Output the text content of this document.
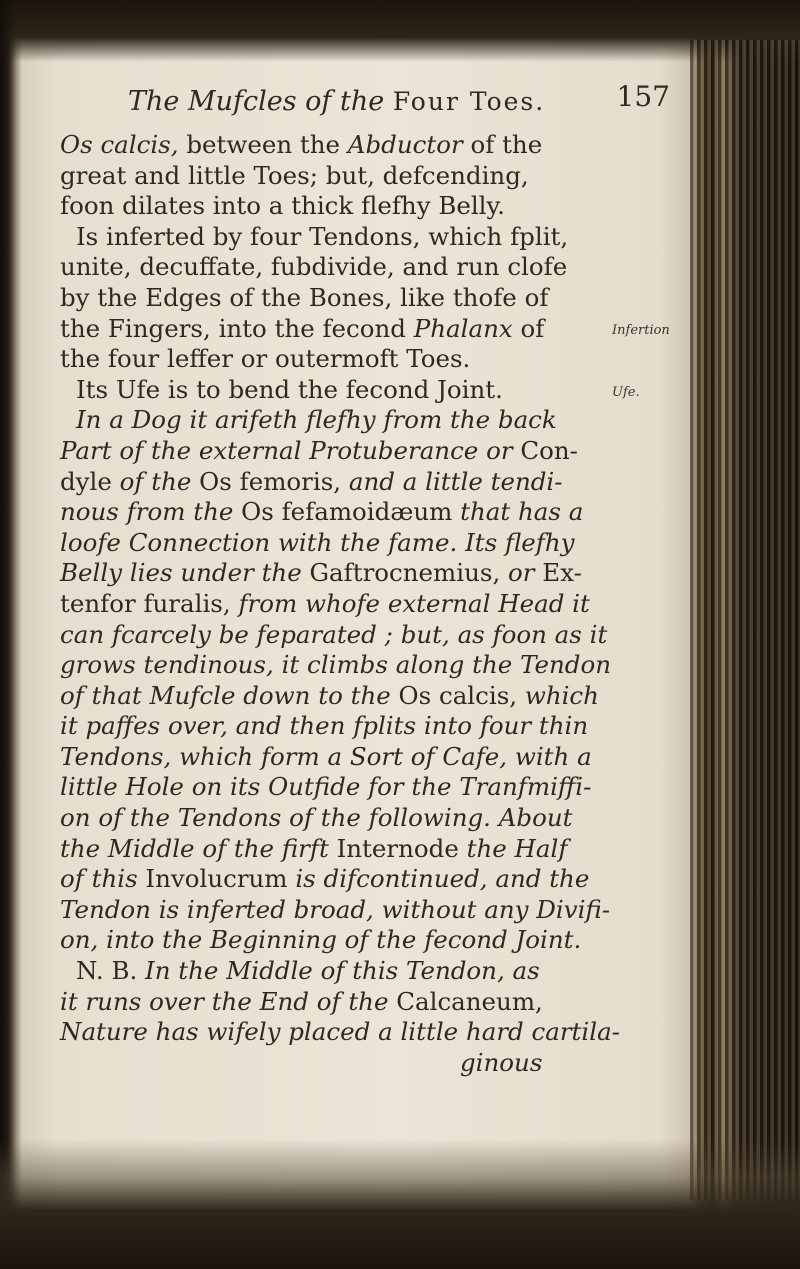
The Mufcles of the Four Toes.	157
Os calcis, between the Abductor of the
great and little Toes; but, defcending,
foon dilates into a thick flefhy Belly.
Is inferted by four Tendons, which fplit,
unite, decuffate, fubdivide, and run clofe
by the Edges of the Bones, like thofe of
the Fingers, into the fecond Phalanx of
the four leffer or outermoft Toes.
Its Ufe is to bend the fecond Joint.
In a Dog it arifeth flefhy from the back
Part of the external Protuberance or Con-
dyle of the Os femoris, and a little tendi-
nous from the Os fefamoidæum that has a
loofe Connection with the fame. Its flefhy
Belly lies under the Gaftrocnemius, or Ex-
tenfor furalis, from whofe external Head it
can fcarcely be feparated ; but, as foon as it
grows tendinous, it climbs along the Tendon
of that Mufcle down to the Os calcis, which
it paffes over, and then fplits into four thin
Tendons, which form a Sort of Cafe, with a
little Hole on its Outfide for the Tranfmiffi-
on of the Tendons of the following. About
the Middle of the firft Internode the Half
of this Involucrum is difcontinued, and the
Tendon is inferted broad, without any Divifi-
on, into the Beginning of the fecond Joint.
N. B. In the Middle of this Tendon, as
it runs over the End of the Calcaneum,
Nature has wifely placed a little hard cartila-
ginous
Infertion
Ufe.
